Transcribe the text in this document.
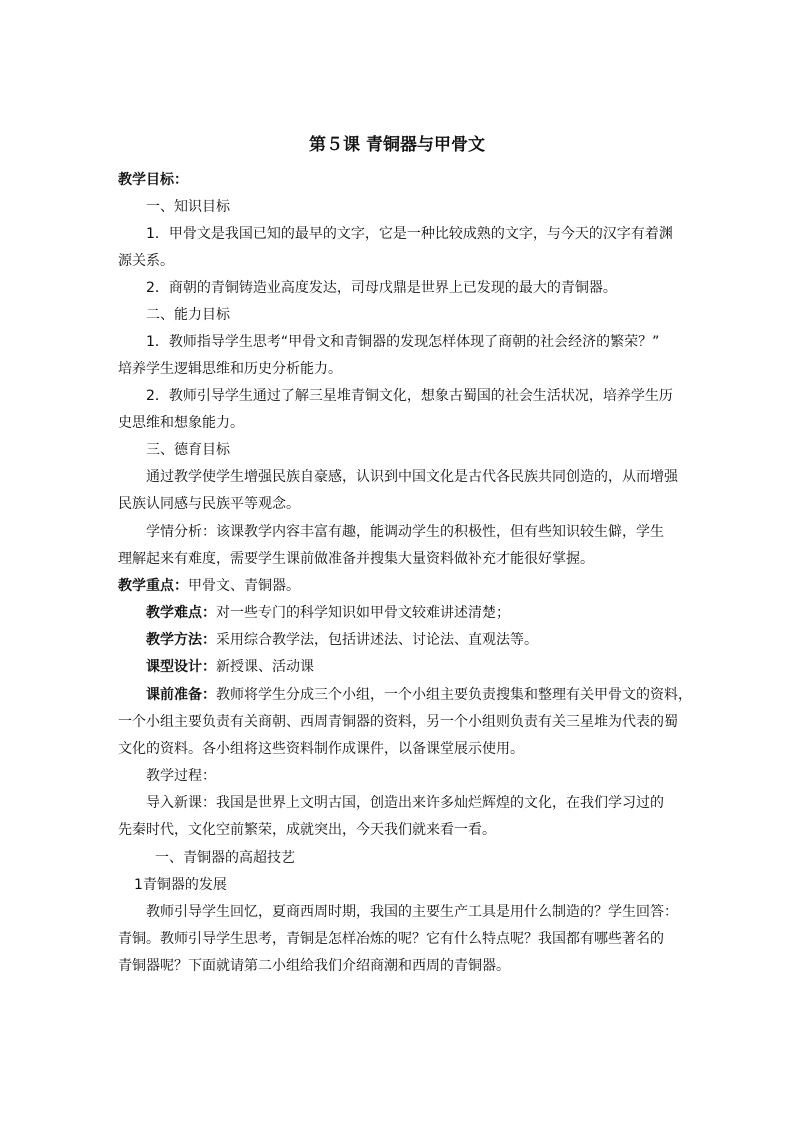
第５课 青铜器与甲骨文
教学目标：
一、知识目标
1．甲骨文是我国已知的最早的文字，它是一种比较成熟的文字，与今天的汉字有着渊
源关系。
2．商朝的青铜铸造业高度发达，司母戊鼎是世界上已发现的最大的青铜器。
二、能力目标
1．教师指导学生思考“甲骨文和青铜器的发现怎样体现了商朝的社会经济的繁荣？”
培养学生逻辑思维和历史分析能力。
2．教师引导学生通过了解三星堆青铜文化，想象古蜀国的社会生活状况，培养学生历
史思维和想象能力。
三、德育目标
通过教学使学生增强民族自豪感，认识到中国文化是古代各民族共同创造的，从而增强
民族认同感与民族平等观念。
学情分析：该课教学内容丰富有趣，能调动学生的积极性，但有些知识较生僻，学生
理解起来有难度，需要学生课前做准备并搜集大量资料做补充才能很好掌握。
教学重点：甲骨文、青铜器。
教学难点：对一些专门的科学知识如甲骨文较难讲述清楚；
教学方法：采用综合教学法，包括讲述法、讨论法、直观法等。
课型设计：新授课、活动课
课前准备：教师将学生分成三个小组，一个小组主要负责搜集和整理有关甲骨文的资料，
一个小组主要负责有关商朝、西周青铜器的资料，另一个小组则负责有关三星堆为代表的蜀
文化的资料。各小组将这些资料制作成课件，以备课堂展示使用。
教学过程：
导入新课：我国是世界上文明古国，创造出来许多灿烂辉煌的文化，在我们学习过的
先秦时代，文化空前繁荣，成就突出，今天我们就来看一看。
一、青铜器的高超技艺
1青铜器的发展
教师引导学生回忆，夏商西周时期，我国的主要生产工具是用什么制造的？学生回答：
青铜。教师引导学生思考，青铜是怎样冶炼的呢？它有什么特点呢？我国都有哪些著名的
青铜器呢？下面就请第二小组给我们介绍商潮和西周的青铜器。
